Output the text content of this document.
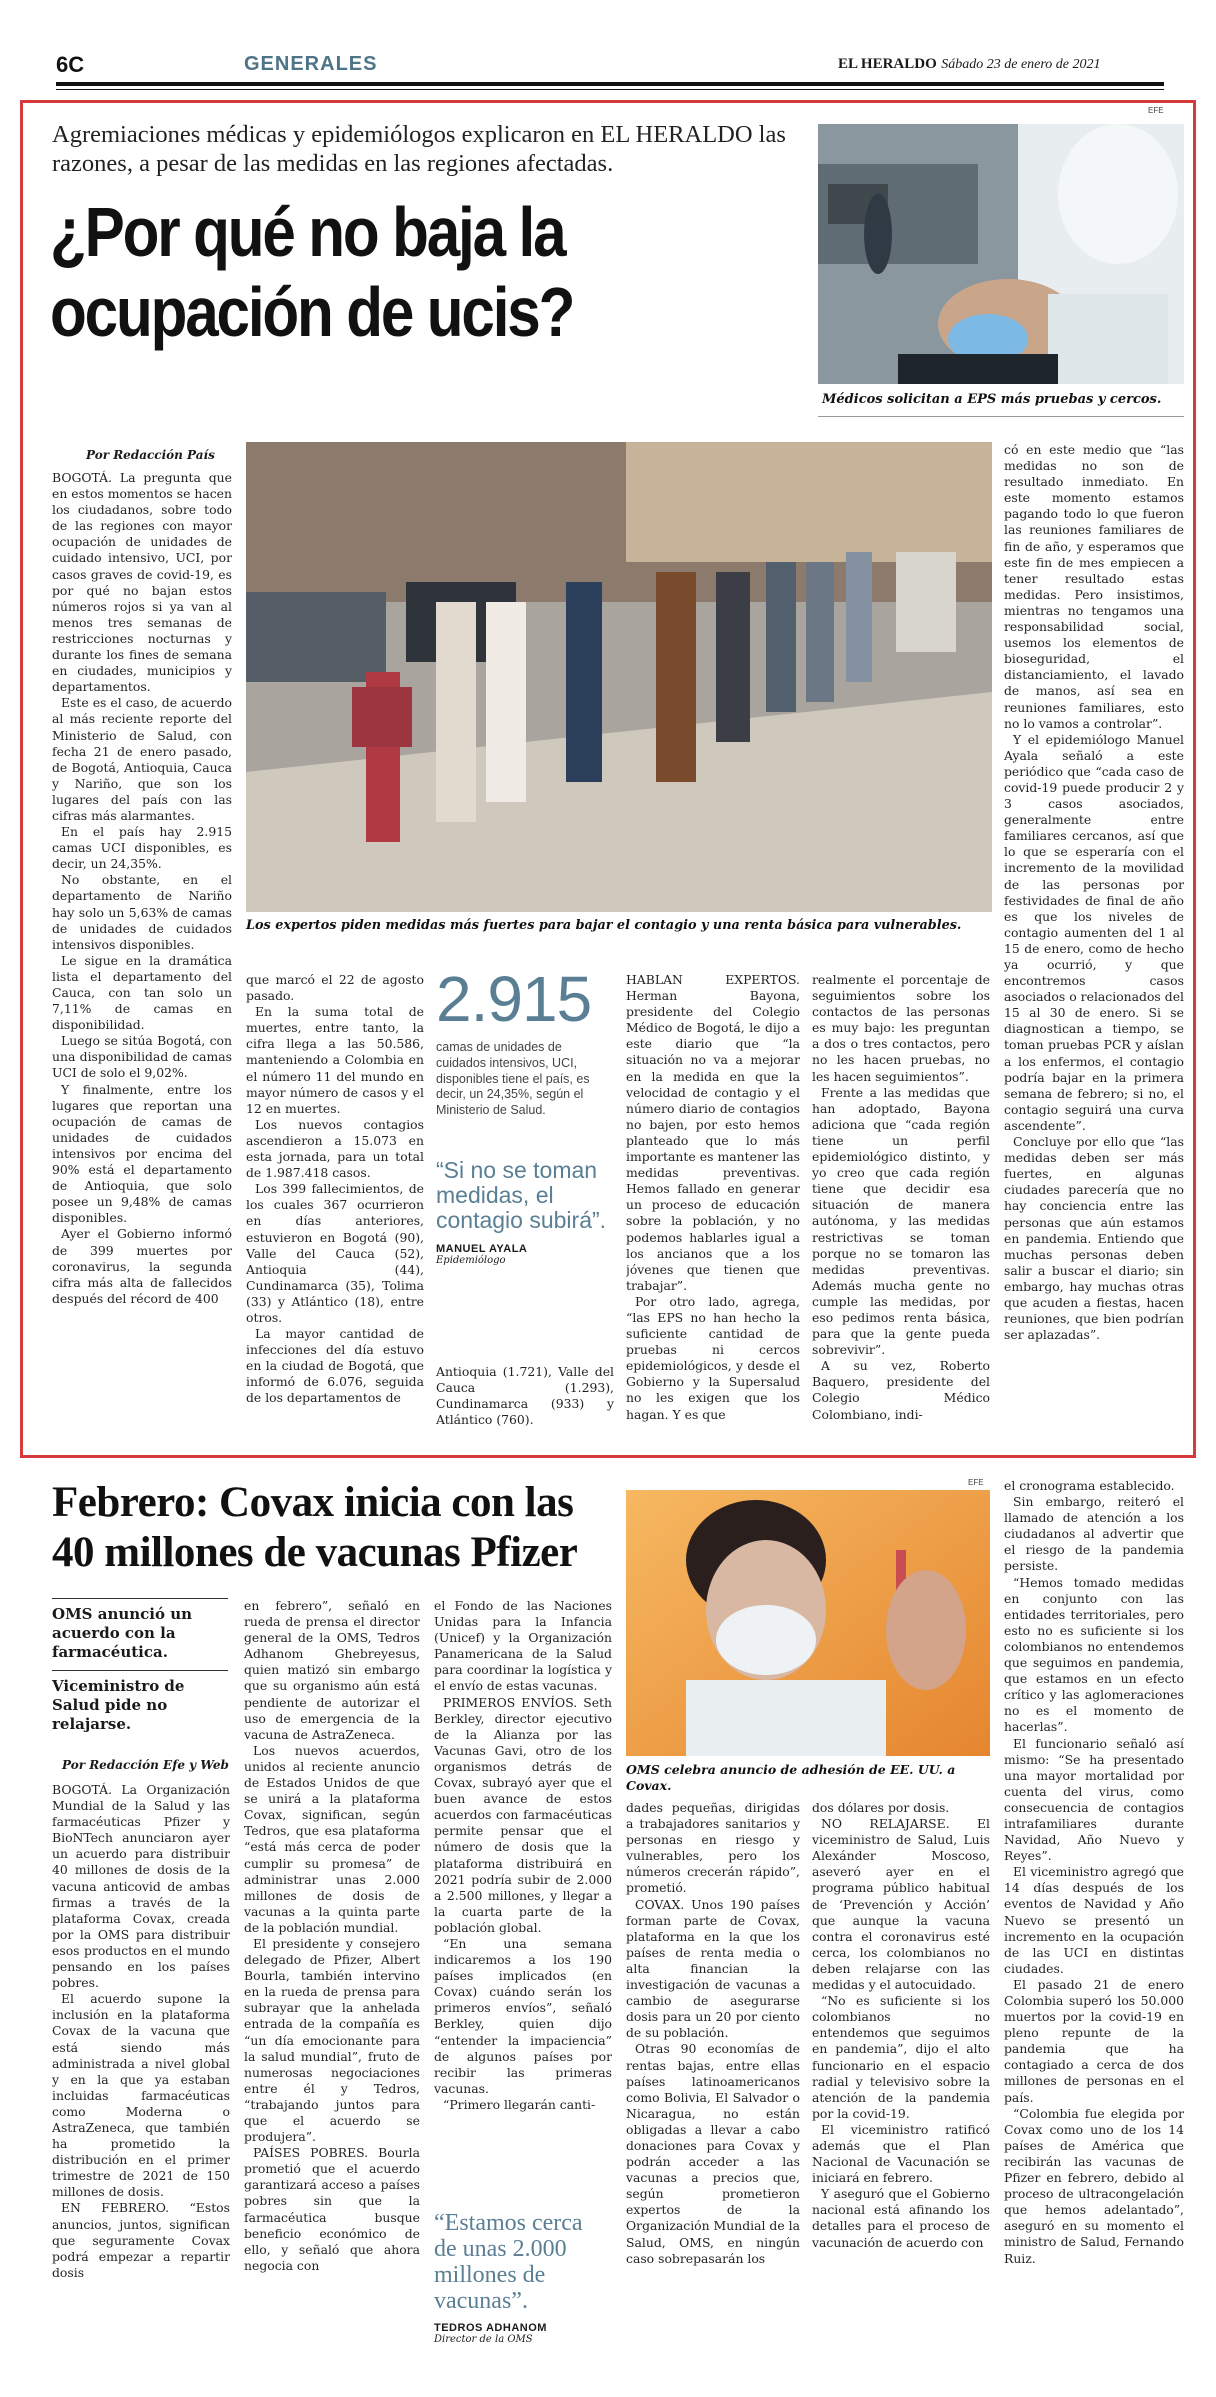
6C	GENERALES	EL HERALDO Sábado 23 de enero de 2021
Agremiaciones médicas y epidemiólogos explicaron en EL HERALDO las razones, a pesar de las medidas en las regiones afectadas.
¿Por qué no baja la
ocupación de ucis?
EFE
Médicos solicitan a EPS más pruebas y cercos.
Por Redacción País
Los expertos piden medidas más fuertes para bajar el contagio y una renta básica para vulnerables.

BOGOTÁ. La pregunta que en estos momentos se hacen los ciudadanos, sobre todo de las regiones con mayor ocupación de unidades de cuidado intensivo, UCI, por casos graves de covid-19, es por qué no bajan estos números rojos si ya van al menos tres semanas de restricciones nocturnas y durante los fines de semana en ciudades, municipios y departamentos.

Este es el caso, de acuerdo al más reciente reporte del Ministerio de Salud, con fecha 21 de enero pasado, de Bogotá, Antioquia, Cauca y Nariño, que son los lugares del país con las cifras más alarmantes.

En el país hay 2.915 camas UCI disponibles, es decir, un 24,35%.

No obstante, en el departamento de Nariño hay solo un 5,63% de camas de unidades de cuidados intensivos disponibles.

Le sigue en la dramática lista el departamento del Cauca, con tan solo un 7,11% de camas en disponibilidad.

Luego se sitúa Bogotá, con una disponibilidad de camas UCI de solo el 9,02%.

Y finalmente, entre los lugares que reportan una ocupación de camas de unidades de cuidados intensivos por encima del 90% está el departamento de Antioquia, que solo posee un 9,48% de camas disponibles.

Ayer el Gobierno informó de 399 muertes por coronavirus, la segunda cifra más alta de fallecidos después del récord de 400

que marcó el 22 de agosto pasado.

En la suma total de muertes, entre tanto, la cifra llega a las 50.586, manteniendo a Colombia en el número 11 del mundo en mayor número de casos y el 12 en muertes.

Los nuevos contagios ascendieron a 15.073 en esta jornada, para un total de 1.987.418 casos.

Los 399 fallecimientos, de los cuales 367 ocurrieron en días anteriores, estuvieron en Bogotá (90), Valle del Cauca (52), Antioquia (44), Cundinamarca (35), Tolima (33) y Atlántico (18), entre otros.

La mayor cantidad de infecciones del día estuvo en la ciudad de Bogotá, que informó de 6.076, seguida de los departamentos de

2.915
camas de unidades de cuidados intensivos, UCI, disponibles tiene el país, es decir, un 24,35%, según el Ministerio de Salud.
“Si no se toman medidas, el contagio subirá”.
MANUEL AYALA
Epidemiólogo

Antioquia (1.721), Valle del Cauca (1.293), Cundinamarca (933) y Atlántico (760).

HABLAN EXPERTOS. Herman Bayona, presidente del Colegio Médico de Bogotá, le dijo a este diario que “la situación no va a mejorar en la medida en que la velocidad de contagio y el número diario de contagios no bajen, por esto hemos planteado que lo más importante es mantener las medidas preventivas. Hemos fallado en generar un proceso de educación sobre la población, y no podemos hablarles igual a los ancianos que a los jóvenes que tienen que trabajar”.

Por otro lado, agrega, “las EPS no han hecho la suficiente cantidad de pruebas ni cercos epidemiológicos, y desde el Gobierno y la Supersalud no les exigen que los hagan. Y es que

realmente el porcentaje de seguimientos sobre los contactos de las personas es muy bajo: les preguntan a dos o tres contactos, pero no les hacen pruebas, no les hacen seguimientos”.

Frente a las medidas que han adoptado, Bayona adiciona que “cada región tiene un perfil epidemiológico distinto, y yo creo que cada región tiene que decidir esa situación de manera autónoma, y las medidas restrictivas se toman porque no se tomaron las medidas preventivas. Además mucha gente no cumple las medidas, por eso pedimos renta básica, para que la gente pueda sobrevivir”.

A su vez, Roberto Baquero, presidente del Colegio Médico Colombiano, indi-

có en este medio que “las medidas no son de resultado inmediato. En este momento estamos pagando todo lo que fueron las reuniones familiares de fin de año, y esperamos que este fin de mes empiecen a tener resultado estas medidas. Pero insistimos, mientras no tengamos una responsabilidad social, usemos los elementos de bioseguridad, el distanciamiento, el lavado de manos, así sea en reuniones familiares, esto no lo vamos a controlar”.

Y el epidemiólogo Manuel Ayala señaló a este periódico que “cada caso de covid-19 puede producir 2 y 3 casos asociados, generalmente entre familiares cercanos, así que lo que se esperaría con el incremento de la movilidad de las personas por festividades de final de año es que los niveles de contagio aumenten del 1 al 15 de enero, como de hecho ya ocurrió, y que encontremos casos asociados o relacionados del 15 al 30 de enero. Si se diagnostican a tiempo, se toman pruebas PCR y aíslan a los enfermos, el contagio podría bajar en la primera semana de febrero; si no, el contagio seguirá una curva ascendente”.

Concluye por ello que “las medidas deben ser más fuertes, en algunas ciudades parecería que no hay conciencia entre las personas que aún estamos en pandemia. Entiendo que muchas personas deben salir a buscar el diario; sin embargo, hay muchas otras que acuden a fiestas, hacen reuniones, que bien podrían ser aplazadas”.

Febrero: Covax inicia con las
40 millones de vacunas Pfizer
OMS anunció un acuerdo con la farmacéutica.
Viceministro de Salud pide no relajarse.
Por Redacción Efe y Web
EFE
OMS celebra anuncio de adhesión de EE. UU. a Covax.

BOGOTÁ. La Organización Mundial de la Salud y las farmacéuticas Pfizer y BioNTech anunciaron ayer un acuerdo para distribuir 40 millones de dosis de la vacuna anticovid de ambas firmas a través de la plataforma Covax, creada por la OMS para distribuir esos productos en el mundo pensando en los países pobres.

El acuerdo supone la inclusión en la plataforma Covax de la vacuna que está siendo más administrada a nivel global y en la que ya estaban incluidas farmacéuticas como Moderna o AstraZeneca, que también ha prometido la distribución en el primer trimestre de 2021 de 150 millones de dosis.

EN FEBRERO. “Estos anuncios, juntos, significan que seguramente Covax podrá empezar a repartir dosis

en febrero”, señaló en rueda de prensa el director general de la OMS, Tedros Adhanom Ghebreyesus, quien matizó sin embargo que su organismo aún está pendiente de autorizar el uso de emergencia de la vacuna de AstraZeneca.

Los nuevos acuerdos, unidos al reciente anuncio de Estados Unidos de que se unirá a la plataforma Covax, significan, según Tedros, que esa plataforma “está más cerca de poder cumplir su promesa” de administrar unas 2.000 millones de dosis de vacunas a la quinta parte de la población mundial.

El presidente y consejero delegado de Pfizer, Albert Bourla, también intervino en la rueda de prensa para subrayar que la anhelada entrada de la compañía es “un día emocionante para la salud mundial”, fruto de numerosas negociaciones entre él y Tedros, “trabajando juntos para que el acuerdo se produjera”.

PAÍSES POBRES. Bourla prometió que el acuerdo garantizará acceso a países pobres sin que la farmacéutica busque beneficio económico de ello, y señaló que ahora negocia con

el Fondo de las Naciones Unidas para la Infancia (Unicef) y la Organización Panamericana de la Salud para coordinar la logística y el envío de estas vacunas.

PRIMEROS ENVÍOS. Seth Berkley, director ejecutivo de la Alianza por las Vacunas Gavi, otro de los organismos detrás de Covax, subrayó ayer que el buen avance de estos acuerdos con farmacéuticas permite pensar que el número de dosis que la plataforma distribuirá en 2021 podría subir de 2.000 a 2.500 millones, y llegar a la cuarta parte de la población global.

“En una semana indicaremos a los 190 países implicados (en Covax) cuándo serán los primeros envíos”, señaló Berkley, quien dijo “entender la impaciencia” de algunos países por recibir las primeras vacunas.

“Primero llegarán canti-

“Estamos cerca de unas 2.000 millones de vacunas”.
TEDROS ADHANOM
Director de la OMS

dades pequeñas, dirigidas a trabajadores sanitarios y personas en riesgo y vulnerables, pero los números crecerán rápido”, prometió.

COVAX. Unos 190 países forman parte de Covax, plataforma en la que los países de renta media o alta financian la investigación de vacunas a cambio de asegurarse dosis para un 20 por ciento de su población.

Otras 90 economías de rentas bajas, entre ellas países latinoamericanos como Bolivia, El Salvador o Nicaragua, no están obligadas a llevar a cabo donaciones para Covax y podrán acceder a las vacunas a precios que, según prometieron expertos de la Organización Mundial de la Salud, OMS, en ningún caso sobrepasarán los

dos dólares por dosis.

NO RELAJARSE. El viceministro de Salud, Luis Alexánder Moscoso, aseveró ayer en el programa público habitual de ‘Prevención y Acción’ que aunque la vacuna contra el coronavirus esté cerca, los colombianos no deben relajarse con las medidas y el autocuidado.

“No es suficiente si los colombianos no entendemos que seguimos en pandemia”, dijo el alto funcionario en el espacio radial y televisivo sobre la atención de la pandemia por la covid-19.

El viceministro ratificó además que el Plan Nacional de Vacunación se iniciará en febrero.

Y aseguró que el Gobierno nacional está afinando los detalles para el proceso de vacunación de acuerdo con

el cronograma establecido.

Sin embargo, reiteró el llamado de atención a los ciudadanos al advertir que el riesgo de la pandemia persiste.

“Hemos tomado medidas en conjunto con las entidades territoriales, pero esto no es suficiente si los colombianos no entendemos que seguimos en pandemia, que estamos en un efecto crítico y las aglomeraciones no es el momento de hacerlas”.

El funcionario señaló así mismo: “Se ha presentado una mayor mortalidad por cuenta del virus, como consecuencia de contagios intrafamiliares durante Navidad, Año Nuevo y Reyes”.

El viceministro agregó que 14 días después de los eventos de Navidad y Año Nuevo se presentó un incremento en la ocupación de las UCI en distintas ciudades.

El pasado 21 de enero Colombia superó los 50.000 muertos por la covid-19 en pleno repunte de la pandemia que ha contagiado a cerca de dos millones de personas en el país.

“Colombia fue elegida por Covax como uno de los 14 países de América que recibirán las vacunas de Pfizer en febrero, debido al proceso de ultracongelación que hemos adelantado”, aseguró en su momento el ministro de Salud, Fernando Ruiz.
